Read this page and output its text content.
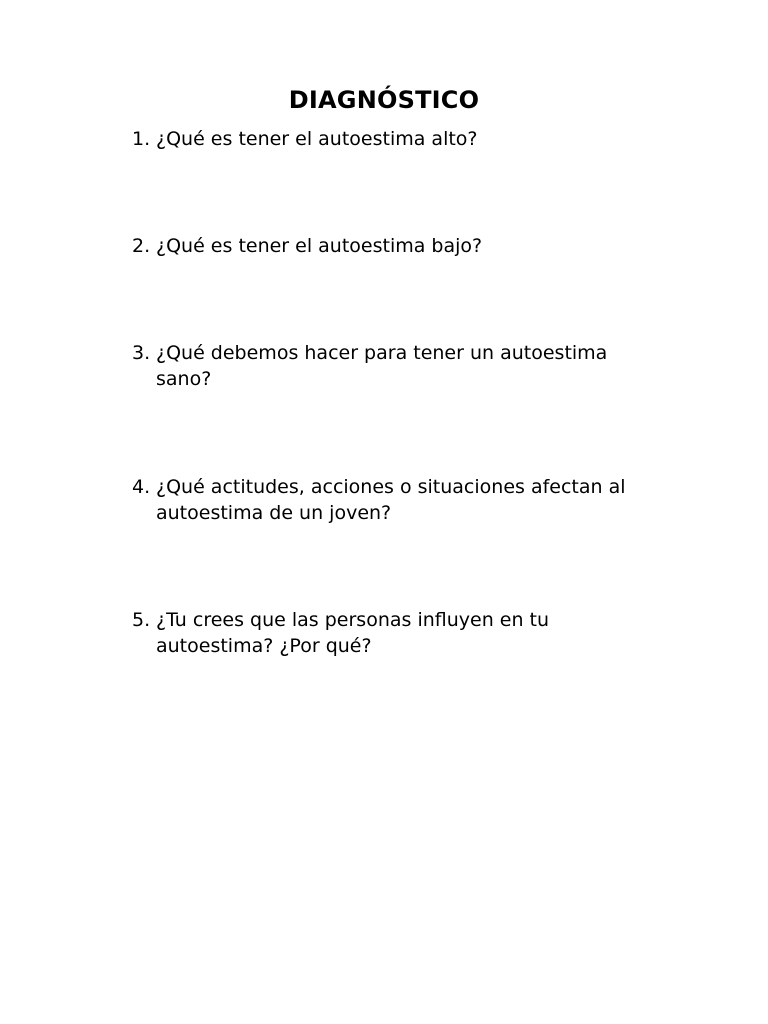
DIAGNÓSTICO
1. ¿Qué es tener el autoestima alto?
2. ¿Qué es tener el autoestima bajo?
3. ¿Qué debemos hacer para tener un autoestima sano?
4. ¿Qué actitudes, acciones o situaciones afectan al autoestima de un joven?
5. ¿Tu crees que las personas influyen en tu autoestima? ¿Por qué?
